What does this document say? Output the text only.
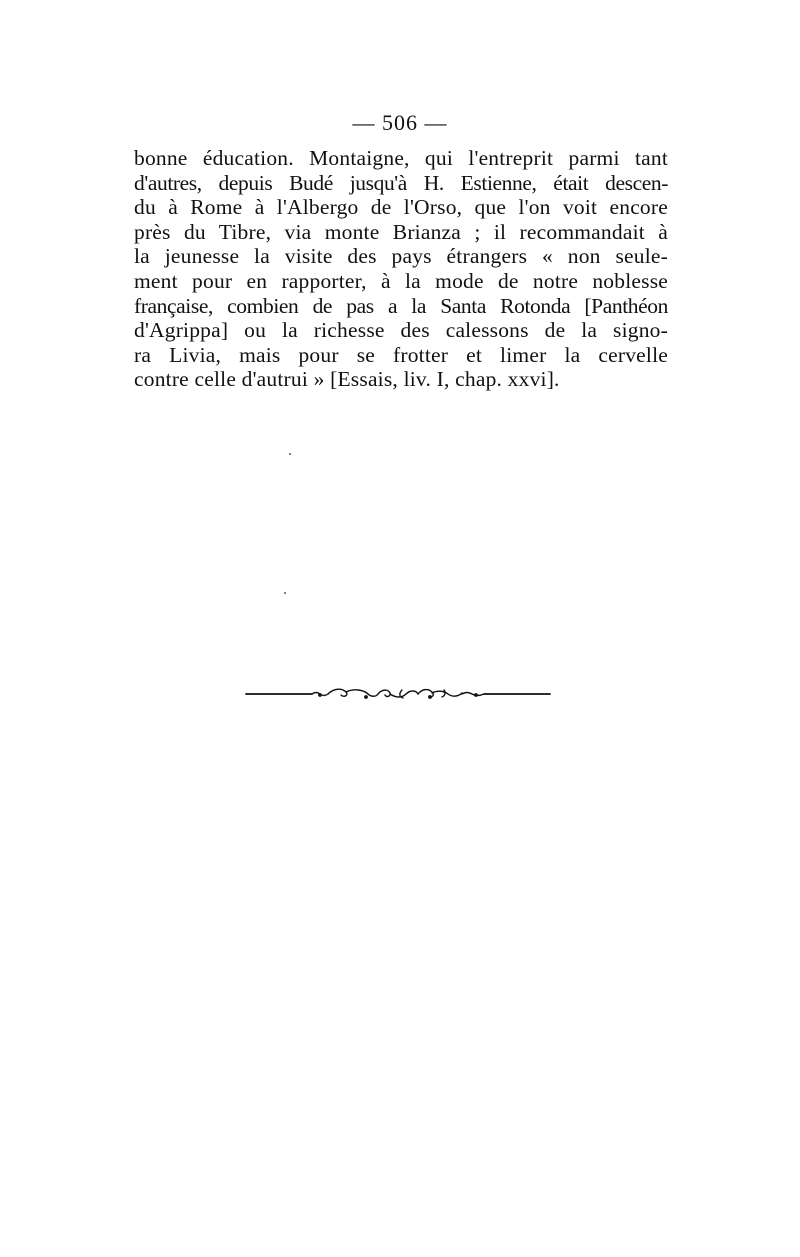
— 506 —
bonne éducation. Montaigne, qui l'entreprit parmi tant
d'autres, depuis Budé jusqu'à H. Estienne, était descen-
du à Rome à l'Albergo de l'Orso, que l'on voit encore
près du Tibre, via monte Brianza ; il recommandait à
la jeunesse la visite des pays étrangers « non seule-
ment pour en rapporter, à la mode de notre noblesse
française, combien de pas a la Santa Rotonda [Panthéon
d'Agrippa] ou la richesse des calessons de la signo-
ra Livia, mais pour se frotter et limer la cervelle
contre celle d'autrui » [Essais, liv. I, chap. xxvi].
